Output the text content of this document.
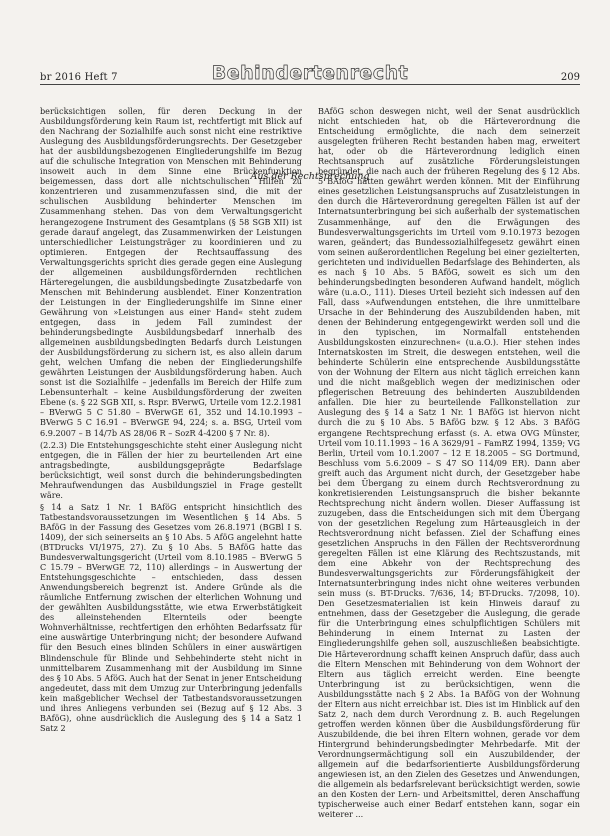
br 2016 Heft 7	Behindertenrecht	209
Aus der Rechtsprechung

berücksichtigen sollen, für deren Deckung in der Ausbildungsförderung kein Raum ist, rechtfertigt mit Blick auf den Nachrang der Sozialhilfe auch sonst nicht eine restriktive Auslegung des Ausbildungsförderungsrechts. Der Gesetzgeber hat der ausbildungsbezogenen Eingliederungshilfe im Bezug auf die schulische Integration von Menschen mit Behinderung insoweit auch in dem Sinne eine Brückenfunktion beigemessen, dass dort alle nichtschulischen Hilfen zu konzentrieren und zusammenzufassen sind, die mit der schulischen Ausbildung behinderter Menschen im Zusammenhang stehen. Das von dem Verwaltungsgericht herangezogene Instrument des Gesamtplans (§ 58 SGB XII) ist gerade darauf angelegt, das Zusammenwirken der Leistungen unterschiedlicher Leistungsträger zu koordinieren und zu optimieren. Entgegen der Rechtsauffassung des Verwaltungsgerichts spricht dies gerade gegen eine Auslegung der allgemeinen ausbildungsfördernden rechtlichen Härteregelungen, die ausbildungsbedingte Zusatzbedarfe von Menschen mit Behinderung ausblendet. Einer Konzentration der Leistungen in der Eingliederungshilfe im Sinne einer Gewährung von »Leistungen aus einer Hand« steht zudem entgegen, dass in jedem Fall zumindest der behinderungsbedingte Ausbildungsbedarf innerhalb des allgemeinen ausbildungsbedingten Bedarfs durch Leistungen der Ausbildungsförderung zu sichern ist, es also allein darum geht, welchen Umfang die neben der Eingliederungshilfe gewährten Leistungen der Ausbildungsförderung haben. Auch sonst ist die Sozialhilfe – jedenfalls im Bereich der Hilfe zum Lebensunterhalt – keine Ausbildungsförderung der zweiten Ebene (s. § 22 SGB XII, s. Rspr. BVerwG, Urteile vom 12.2.1981 – BVerwG 5 C 51.80 – BVerwGE 61, 352 und 14.10.1993 – BVerwG 5 C 16.91 – BVerwGE 94, 224; s. a. BSG, Urteil vom 6.9.2007 – B 14/7b AS 28/06 R – SozR 4-4200 § 7 Nr. 8).

(2.2.3) Die Entstehungsgeschichte steht einer Auslegung nicht entgegen, die in Fällen der hier zu beurteilenden Art eine antragsbedingte, ausbildungsgeprägte Bedarfslage berücksichtigt, weil sonst durch die behinderungsbedingten Mehraufwendungen das Ausbildungsziel in Frage gestellt wäre.

§ 14 a Satz 1 Nr. 1 BAföG entspricht hinsichtlich des Tatbestandsvoraussetzungen im Wesentlichen § 14 Abs. 5 BAföG in der Fassung des Gesetzes vom 26.8.1971 (BGBl I S. 1409), der sich seinerseits an § 10 Abs. 5 AföG angelehnt hatte (BTDrucks VI/1975, 27). Zu § 10 Abs. 5 BAföG hatte das Bundesverwaltungsgericht (Urteil vom 8.10.1985 – BVerwG 5 C 15.79 – BVerwGE 72, 110) allerdings – in Auswertung der Entstehungsgeschichte – entschieden, dass dessen Anwendungsbereich begrenzt ist. Andere Gründe als die räumliche Entfernung zwischen der elterlichen Wohnung und der gewählten Ausbildungsstätte, wie etwa Erwerbstätigkeit des alleinstehenden Elternteils oder beengte Wohnverhältnisse, rechtfertigen den erhöhten Bedarfssatz für eine auswärtige Unterbringung nicht; der besondere Aufwand für den Besuch eines blinden Schülers in einer auswärtigen Blindenschule für Blinde und Sehbehinderte steht nicht in unmittelbarem Zusammenhang mit der Ausbildung im Sinne des § 10 Abs. 5 AföG. Auch hat der Senat in jener Entscheidung angedeutet, dass mit dem Umzug zur Unterbringung jedenfalls kein maßgeblicher Wechsel der Tatbestandsvoraussetzungen und ihres Anliegens verbunden sei (Bezug auf § 12 Abs. 3 BAföG), ohne ausdrücklich die Auslegung des § 14 a Satz 1 Satz 2

BAföG schon deswegen nicht, weil der Senat ausdrücklich nicht entschieden hat, ob die Härteverordnung die Entscheidung ermöglichte, die nach dem seinerzeit ausgelegten früheren Recht bestanden haben mag, erweitert hat, oder ob die Härteverordnung lediglich einen Rechtsanspruch auf zusätzliche Förderungsleistungen begründet, die nach auch der früheren Regelung des § 12 Abs. 5 BAföG hätten gewährt werden können. Mit der Einführung eines gesetzlichen Leistungsanspruchs auf Zusatzleistungen in den durch die Härteverordnung geregelten Fällen ist auf der Internatsunterbringung bei sich außerhalb der systematischen Zusammenhänge, auf den die Erwägungen des Bundesverwaltungsgerichts im Urteil vom 9.10.1973 bezogen waren, geändert; das Bundessozialhilfegesetz gewährt einen vom seinen außerordentlichen Regelung bei einer gezielterten, gerichteten und individuellen Bedarfslage des Behinderten, als es nach § 10 Abs. 5 BAföG, soweit es sich um den behinderungsbedingten besonderen Aufwand handelt, möglich wäre (u.a.O., 111). Dieses Urteil bezieht sich indessen auf den Fall, dass »Aufwendungen entstehen, die ihre unmittelbare Ursache in der Behinderung des Auszubildenden haben, mit denen der Behinderung entgegengewirkt werden soll und die in den typischen, im Normalfall entstehenden Ausbildungskosten einzurechnen« (u.a.O.). Hier stehen indes Internatskosten im Streit, die deswegen entstehen, weil die behinderte Schülerin eine entsprechende Ausbildungsstätte von der Wohnung der Eltern aus nicht täglich erreichen kann und die nicht maßgeblich wegen der medizinischen oder pflegerischen Betreuung des behinderten Auszubildenden anfallen. Die hier zu beurteilende Fallkonstellation zur Auslegung des § 14 a Satz 1 Nr. 1 BAföG ist hiervon nicht durch die zu § 10 Abs. 5 BAföG bzw. § 12 Abs. 3 BAföG ergangene Rechtsprechung erfasst (s. A. etwa OVG Münster, Urteil vom 10.11.1993 – 16 A 3629/91 – FamRZ 1994, 1359; VG Berlin, Urteil vom 10.1.2007 – 12 E 18.2005 – SG Dortmund, Beschluss vom 5.6.2009 – S 47 SO 114/09 ER). Dann aber greift auch das Argument nicht durch, der Gesetzgeber habe bei dem Übergang zu einem durch Rechtsverordnung zu konkretisierenden Leistungsanspruch die bisher bekannte Rechtsprechung nicht ändern wollen. Dieser Auffassung ist zuzugeben, dass die Entscheidungen sich mit dem Übergang von der gesetzlichen Regelung zum Härteausgleich in der Rechtsverordnung nicht befassen. Ziel der Schaffung eines gesetzlichen Anspruchs in den Fällen der Rechtsverordnung geregelten Fällen ist eine Klärung des Rechtszustands, mit dem eine Abkehr von der Rechtsprechung des Bundesverwaltungsgerichts zur Förderungsfähigkeit der Internatsunterbringung indes nicht ohne weiteres verbunden sein muss (s. BT-Drucks. 7/636, 14; BT-Drucks. 7/2098, 10). Den Gesetzesmaterialien ist kein Hinweis darauf zu entnehmen, dass der Gesetzgeber die Auslegung, die gerade für die Unterbringung eines schulpflichtigen Schülers mit Behinderung in einem Internat zu Lasten der Eingliederungshilfe gehen soll, auszuschließen beabsichtigte. Die Härteverordnung schafft keinen Anspruch dafür, dass auch die Eltern Menschen mit Behinderung von dem Wohnort der Eltern aus täglich erreicht werden. Eine beengte Unterbringung ist zu berücksichtigen, wenn die Ausbildungsstätte nach § 2 Abs. 1a BAföG von der Wohnung der Eltern aus nicht erreichbar ist. Dies ist im Hinblick auf den Satz 2, nach dem durch Verordnung z. B. auch Regelungen getroffen werden können über die Ausbildungsförderung für Auszubildende, die bei ihren Eltern wohnen, gerade vor dem Hintergrund behinderungsbedingter Mehrbedarfe. Mit der Verordnungsermächtigung soll ein Auszubildender, der allgemein auf die bedarfsorientierte Ausbildungsförderung angewiesen ist, an den Zielen des Gesetzes und Anwendungen, die allgemein als bedarfsrelevant berücksichtigt werden, sowie an den Kosten der Lern- und Arbeitsmittel, deren Anschaffung typischerweise auch einer Bedarf entstehen kann, sogar ein weiterer ...
